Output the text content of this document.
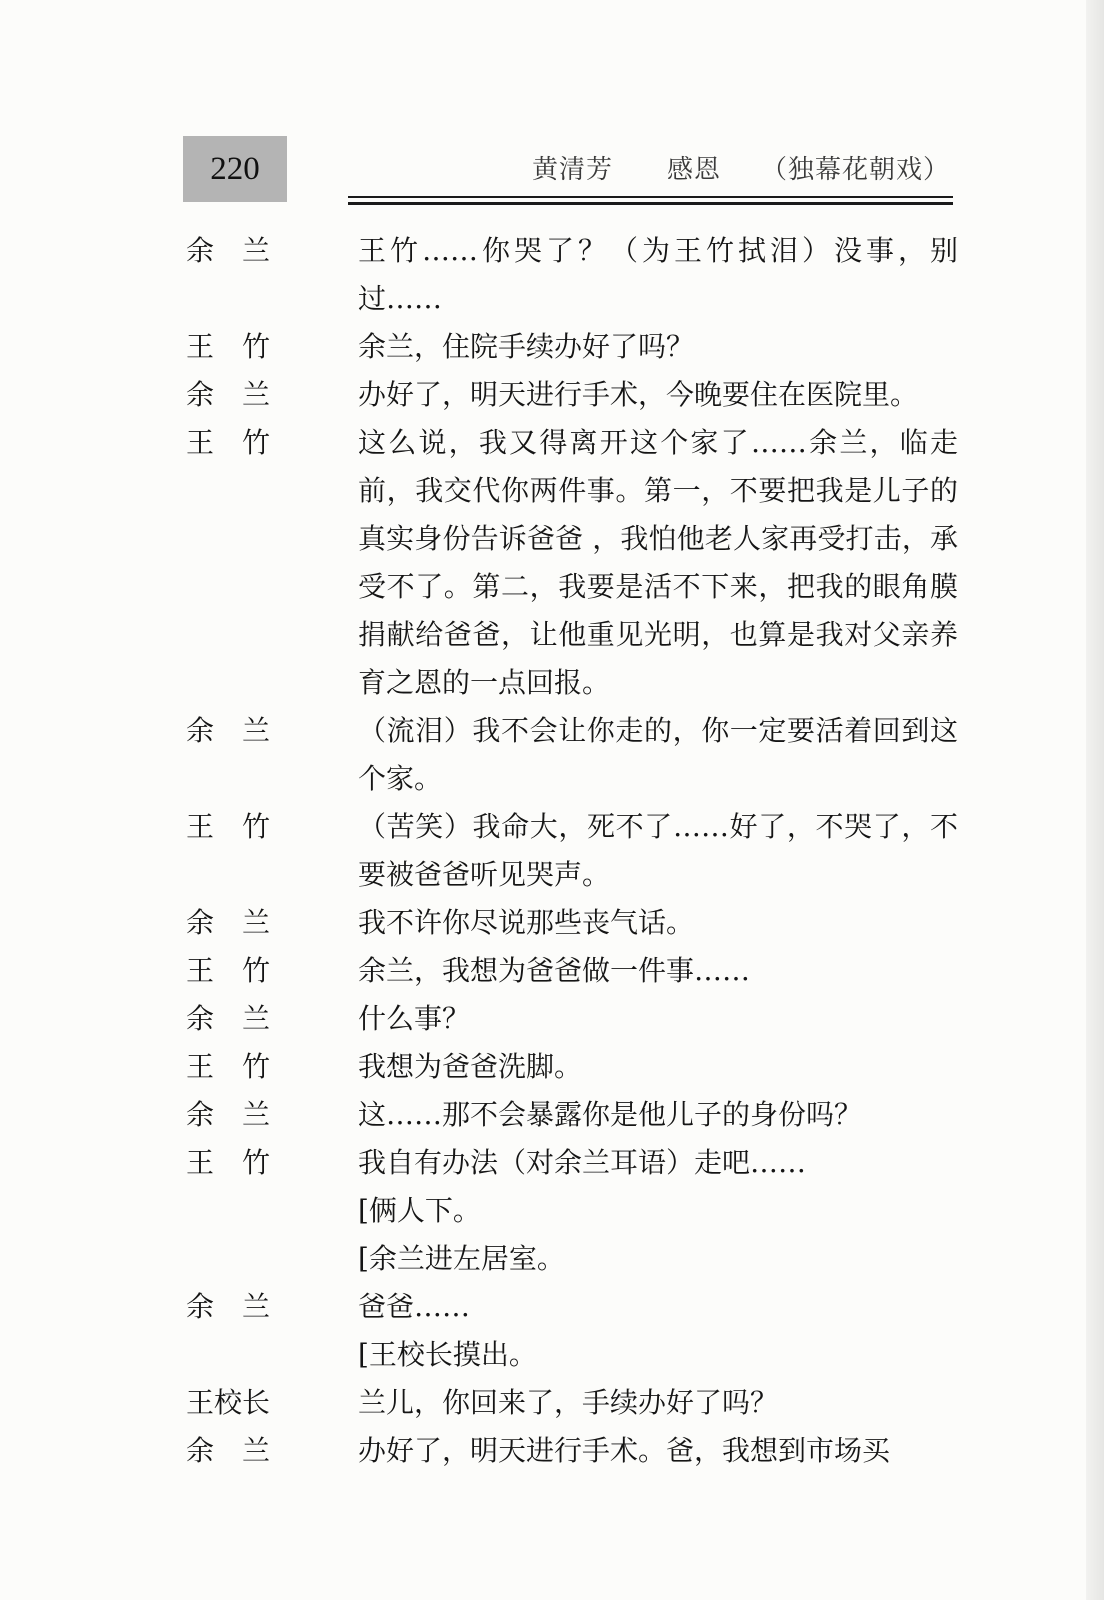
220	黄清芳 感恩 （独幕花朝戏）
余　兰	王竹……你哭了？（为王竹拭泪）没事，别过……
王　竹	余兰，住院手续办好了吗？
余　兰	办好了，明天进行手术，今晚要住在医院里。
王　竹	这么说，我又得离开这个家了……余兰，临走前，我交代你两件事。第一，不要把我是儿子的真实身份告诉爸爸 ，我怕他老人家再受打击，承受不了。第二，我要是活不下来，把我的眼角膜捐献给爸爸，让他重见光明，也算是我对父亲养育之恩的一点回报。
余　兰	（流泪）我不会让你走的，你一定要活着回到这个家。
王　竹	（苦笑）我命大，死不了……好了，不哭了，不要被爸爸听见哭声。
余　兰	我不许你尽说那些丧气话。
王　竹	余兰，我想为爸爸做一件事……
余　兰	什么事？
王　竹	我想为爸爸洗脚。
余　兰	这……那不会暴露你是他儿子的身份吗？
王　竹	我自有办法（对余兰耳语）走吧……
[俩人下。
[余兰进左居室。
余　兰	爸爸……
[王校长摸出。
王校长	兰儿，你回来了，手续办好了吗？
余　兰	办好了，明天进行手术。爸，我想到市场买
